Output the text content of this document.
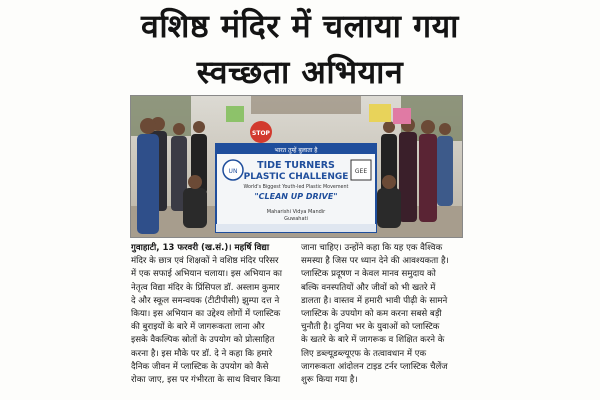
वशिष्ठ मंदिर में चलाया गया
स्वच्छता अभियान
STOP
भारत तुम्हें बुलाता है
UN	GEE
TIDE TURNERS
PLASTIC CHALLENGE
World's Biggest Youth-led Plastic Movement
"CLEAN UP DRIVE"
Maharishi Vidya Mandir
Guwahati
गुवाहाटी, 13 फरवरी (ख.सं.)। महर्षि विद्या
मंदिर के छात्र एवं शिक्षकों ने वशिष्ठ मंदिर परिसर
में एक सफाई अभियान चलाया। इस अभियान का
नेतृत्व विद्या मंदिर के प्रिंसिपल डॉ. अस्लाम कुमार
दे और स्कूल समन्वयक (टीटीपीसी) झुम्पा दत्त ने
किया। इस अभियान का उद्देश्य लोगों में प्लास्टिक
की बुराइयों के बारे में जागरूकता लाना और
इसके वैकल्पिक स्रोतों के उपयोग को प्रोत्साहित
करना है। इस मौके पर डॉ. दे ने कहा कि हमारे
दैनिक जीवन में प्लास्टिक के उपयोग को कैसे
रोका जाए, इस पर गंभीरता के साथ विचार किया
जाना चाहिए। उन्होंने कहा कि यह एक वैश्विक
समस्या है जिस पर ध्यान देने की आवश्यकता है।
प्लास्टिक प्रदूषण न केवल मानव समुदाय को
बल्कि वनस्पतियों और जीवों को भी खतरे में
डालता है। वास्तव में हमारी भावी पीढ़ी के सामने
प्लास्टिक के उपयोग को कम करना सबसे बड़ी
चुनौती है। दुनिया भर के युवाओं को प्लास्टिक
के खतरे के बारे में जागरूक व शिक्षित करने के
लिए डब्ल्यूडब्ल्यूएफ के तत्वावधान में एक
जागरूकता आंदोलन टाइड टर्नर प्लास्टिक चैलेंज
शुरू किया गया है।
